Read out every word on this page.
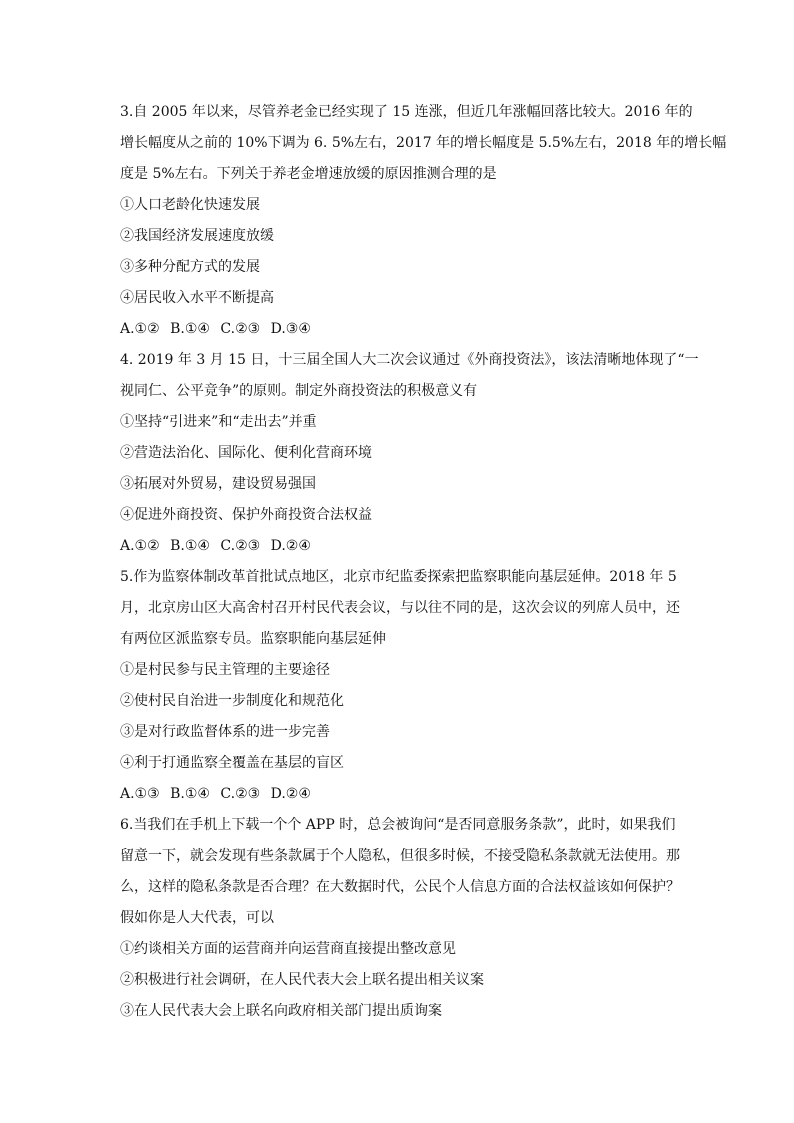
3.自 2005 年以来，尽管养老金已经实现了 15 连涨，但近几年涨幅回落比较大。2016 年的
增长幅度从之前的 10%下调为 6. 5%左右，2017 年的增长幅度是 5.5%左右，2018 年的增长幅
度是 5%左右。下列关于养老金增速放缓的原因推测合理的是
①人口老龄化快速发展
②我国经济发展速度放缓
③多种分配方式的发展
④居民收入水平不断提高
A.①② B.①④ C.②③ D.③④
4. 2019 年 3 月 15 日，十三届全国人大二次会议通过《外商投资法》，该法清晰地体现了“一
视同仁、公平竞争”的原则。制定外商投资法的积极意义有
①坚持“引进来”和“走出去”并重
②营造法治化、国际化、便利化营商环境
③拓展对外贸易，建设贸易强国
④促进外商投资、保护外商投资合法权益
A.①② B.①④ C.②③ D.②④
5.作为监察体制改革首批试点地区，北京市纪监委探索把监察职能向基层延伸。2018 年 5
月，北京房山区大高舍村召开村民代表会议，与以往不同的是，这次会议的列席人员中，还
有两位区派监察专员。监察职能向基层延伸
①是村民参与民主管理的主要途径
②使村民自治进一步制度化和规范化
③是对行政监督体系的进一步完善
④利于打通监察全覆盖在基层的盲区
A.①③ B.①④ C.②③ D.②④
6.当我们在手机上下载一个个 APP 时，总会被询问“是否同意服务条款”，此时，如果我们
留意一下，就会发现有些条款属于个人隐私，但很多时候，不接受隐私条款就无法使用。那
么，这样的隐私条款是否合理？在大数据时代，公民个人信息方面的合法权益该如何保护？
假如你是人大代表，可以
①约谈相关方面的运营商并向运营商直接提出整改意见
②积极进行社会调研，在人民代表大会上联名提出相关议案
③在人民代表大会上联名向政府相关部门提出质询案
